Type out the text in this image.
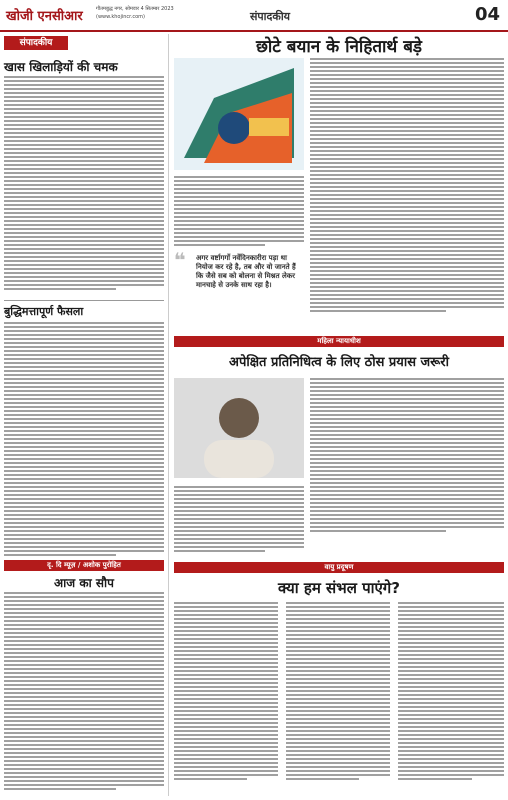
खोजी एनसीआर	गौतमबुद्ध नगर, सोमवार 4 सितम्बर 2023
(www.khojincr.com)	संपादकीय	04
संपादकीय
खास खिलाड़ियों की चमक
बुद्धिमत्तापूर्ण फैसला
दृ. दि म्यूज़ / अशोक पुरोहित
आज का सौप
छोटे बयान के निहितार्थ बड़े
❝	अगर वर्ष्टागर्गो नर्वेदिनकारीरा पड़ा था नियोज कर रहे है, तब और वो जानते हैं कि जैसे सब को बोलना से मिश्नत लेकर मानचाहे से उनके साथ रहा है।
महिला न्यायाधीश
अपेक्षित प्रतिनिधित्व के लिए ठोस प्रयास जरूरी
वायु प्रदूषण
क्या हम संभल पाएंगे?
